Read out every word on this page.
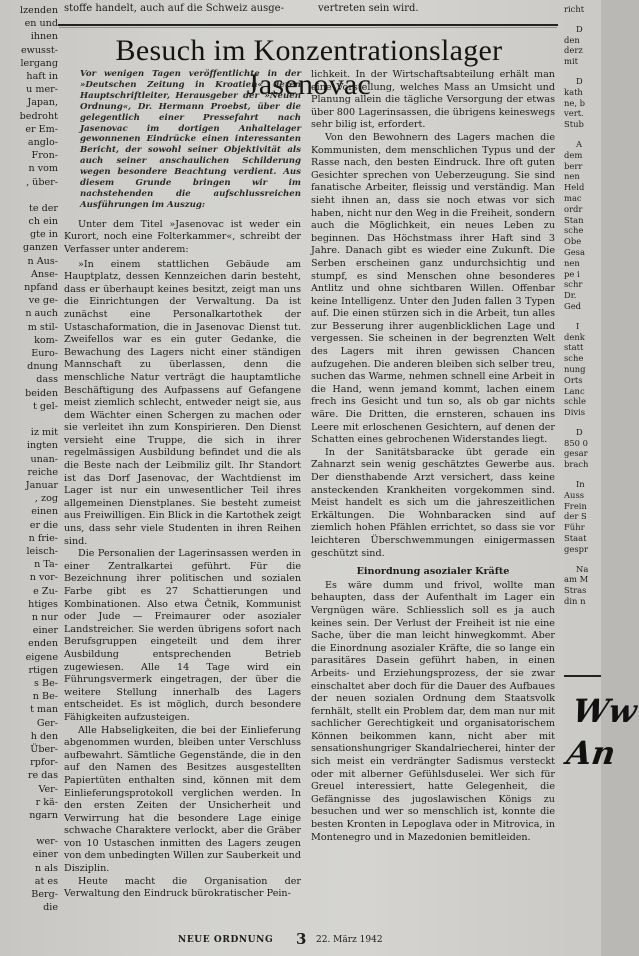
lzenden
en und
ihnen
ewusst-
lergang
haft in
u mer-
Japan,
bedroht
er Em-
anglo-
Fron-
n vom
, über-
te der
ch ein
gte in
ganzen
n Aus-
Anse-
npfand
ve ge-
n auch
m stil-
kom-
Euro-
dnung
dass
beiden
t gel-
iz mit
ingten
unan-
reiche
Januar
, zog
einen
er die
n frie-
leisch-
n Ta-
n vor-
e Zu-
htiges
n nur
einer
enden
eigene
rtigen
s Be-
n Be-
t man
Ger-
h den
Über-
rpfor-
re das
Ver-
r kä-
ngarn
wer-
einer
n als
at es
Berg-
die
stoffe handelt, auch auf die Schweiz ausge-	vertreten sein wird.
Besuch im Konzentrationslager Jasenovac

Vor wenigen Tagen veröffentlichte in der »Deutschen Zeitung in Kroatien« deren Hauptschriftleiter, Herausgeber der »Neuen Ordnung«, Dr. Hermann Proebst, über die gelegentlich einer Pressefahrt nach Jasenovac im dortigen Anhaltelager gewonnenen Eindrücke einen interessanten Bericht, der sowohl seiner Objektivität als auch seiner anschaulichen Schilderung wegen besondere Beachtung verdient. Aus diesem Grunde bringen wir im nachstehenden die aufschlussreichen Ausführungen im Auszug:

Unter dem Titel »Jasenovac ist weder ein Kurort, noch eine Folterkammer«, schreibt der Verfasser unter anderem:

»In einem stattlichen Gebäude am Hauptplatz, dessen Kennzeichen darin besteht, dass er überhaupt keines besitzt, zeigt man uns die Einrichtungen der Verwaltung. Da ist zunächst eine Personalkartothek der Ustaschaformation, die in Jasenovac Dienst tut. Zweifellos war es ein guter Gedanke, die Bewachung des Lagers nicht einer ständigen Mannschaft zu überlassen, denn die menschliche Natur verträgt die hauptamtliche Beschäftigung des Aufpassens auf Gefangene meist ziemlich schlecht, entweder neigt sie, aus dem Wächter einen Schergen zu machen oder sie verleitet ihn zum Konspirieren. Den Dienst versieht eine Truppe, die sich in ihrer regelmässigen Ausbildung befindet und die als die Beste nach der Leibmiliz gilt. Ihr Standort ist das Dorf Jasenovac, der Wachtdienst im Lager ist nur ein unwesentlicher Teil ihres allgemeinen Dienstplanes. Sie besteht zumeist aus Freiwilligen. Ein Blick in die Kartothek zeigt uns, dass sehr viele Studenten in ihren Reihen sind.

Die Personalien der Lagerinsassen werden in einer Zentralkartei geführt. Für die Bezeichnung ihrer politischen und sozialen Farbe gibt es 27 Schattierungen und Kombinationen. Also etwa Četnik, Kommunist oder Jude — Freimaurer oder asozialer Landstreicher. Sie werden übrigens sofort nach Berufsgruppen eingeteilt und dem ihrer Ausbildung entsprechenden Betrieb zugewiesen. Alle 14 Tage wird ein Führungsvermerk eingetragen, der über die weitere Stellung innerhalb des Lagers entscheidet. Es ist möglich, durch besondere Fähigkeiten aufzusteigen.

Alle Habseligkeiten, die bei der Einlieferung abgenommen wurden, bleiben unter Verschluss aufbewahrt. Sämtliche Gegenstände, die in den auf den Namen des Besitzes ausgestellten Papiertüten enthalten sind, können mit dem Einlieferungsprotokoll verglichen werden. In den ersten Zeiten der Unsicherheit und Verwirrung hat die besondere Lage einige schwache Charaktere verlockt, aber die Gräber von 10 Ustaschen inmitten des Lagers zeugen von dem unbedingten Willen zur Sauberkeit und Disziplin.

Heute macht die Organisation der Verwaltung den Eindruck bürokratischer Pein-

lichkeit. In der Wirtschaftsabteilung erhält man eine Vorstellung, welches Mass an Umsicht und Planung allein die tägliche Versorgung der etwas über 800 Lagerinsassen, die übrigens keineswegs sehr bilig ist, erfordert.

Von den Bewohnern des Lagers machen die Kommunisten, dem menschlichen Typus und der Rasse nach, den besten Eindruck. Ihre oft guten Gesichter sprechen von Ueberzeugung. Sie sind fanatische Arbeiter, fleissig und verständig. Man sieht ihnen an, dass sie noch etwas vor sich haben, nicht nur den Weg in die Freiheit, sondern auch die Möglichkeit, ein neues Leben zu beginnen. Das Höchstmass ihrer Haft sind 3 Jahre. Danach gibt es wieder eine Zukunft. Die Serben erscheinen ganz undurchsichtig und stumpf, es sind Menschen ohne besonderes Antlitz und ohne sichtbaren Willen. Offenbar keine Intelligenz. Unter den Juden fallen 3 Typen auf. Die einen stürzen sich in die Arbeit, tun alles zur Besserung ihrer augenblicklichen Lage und vergessen. Sie scheinen in der begrenzten Welt des Lagers mit ihren gewissen Chancen aufzugehen. Die anderen bleiben sich selber treu, suchen das Warme, nehmen schnell eine Arbeit in die Hand, wenn jemand kommt, lachen einem frech ins Gesicht und tun so, als ob gar nichts wäre. Die Dritten, die ernsteren, schauen ins Leere mit erloschenen Gesichtern, auf denen der Schatten eines gebrochenen Widerstandes liegt.

In der Sanitätsbaracke übt gerade ein Zahnarzt sein wenig geschätztes Gewerbe aus. Der diensthabende Arzt versichert, dass keine ansteckenden Krankheiten vorgekommen sind. Meist handelt es sich um die jahreszeitlichen Erkältungen. Die Wohnbaracken sind auf ziemlich hohen Pfählen errichtet, so dass sie vor leichteren Überschwemmungen einigermassen geschützt sind.

Einordnung asozialer Kräfte

Es wäre dumm und frivol, wollte man behaupten, dass der Aufenthalt im Lager ein Vergnügen wäre. Schliesslich soll es ja auch keines sein. Der Verlust der Freiheit ist nie eine Sache, über die man leicht hinwegkommt. Aber die Einordnung asozialer Kräfte, die so lange ein parasitäres Dasein geführt haben, in einen Arbeits- und Erziehungsprozess, der sie zwar einschaltet aber doch für die Dauer des Aufbaues der neuen sozialen Ordnung dem Staatsvolk fernhält, stellt ein Problem dar, dem man nur mit sachlicher Gerechtigkeit und organisatorischem Können beikommen kann, nicht aber mit sensationshungriger Skandalriecherei, hinter der sich meist ein verdrängter Sadismus versteckt oder mit alberner Gefühlsduselei. Wer sich für Greuel interessiert, hatte Gelegenheit, die Gefängnisse des jugoslawischen Königs zu besuchen und wer so menschlich ist, konnte die besten Kronten in Lepoglava oder in Mitrovica, in Montenegro und in Mazedonien bemitleiden.

richt

D

den

derz

mit

D

kath

ne, b

vert.

Stub

A

dem

berr

nen

Held

mac

ordr

Stan

sche

Obe

Gesa

nen

pe i

schr

Dr.

Ged

I

denk

statt

sche

nung

Orts

Lanc

schle

Divis

D

850 0

gesar

brach

In

Auss

Frein

der S

Führ

Staat

gespr

Na

am M

Stras

din n

Ww
An
NEUE ORDNUNG 3 22. März 1942
